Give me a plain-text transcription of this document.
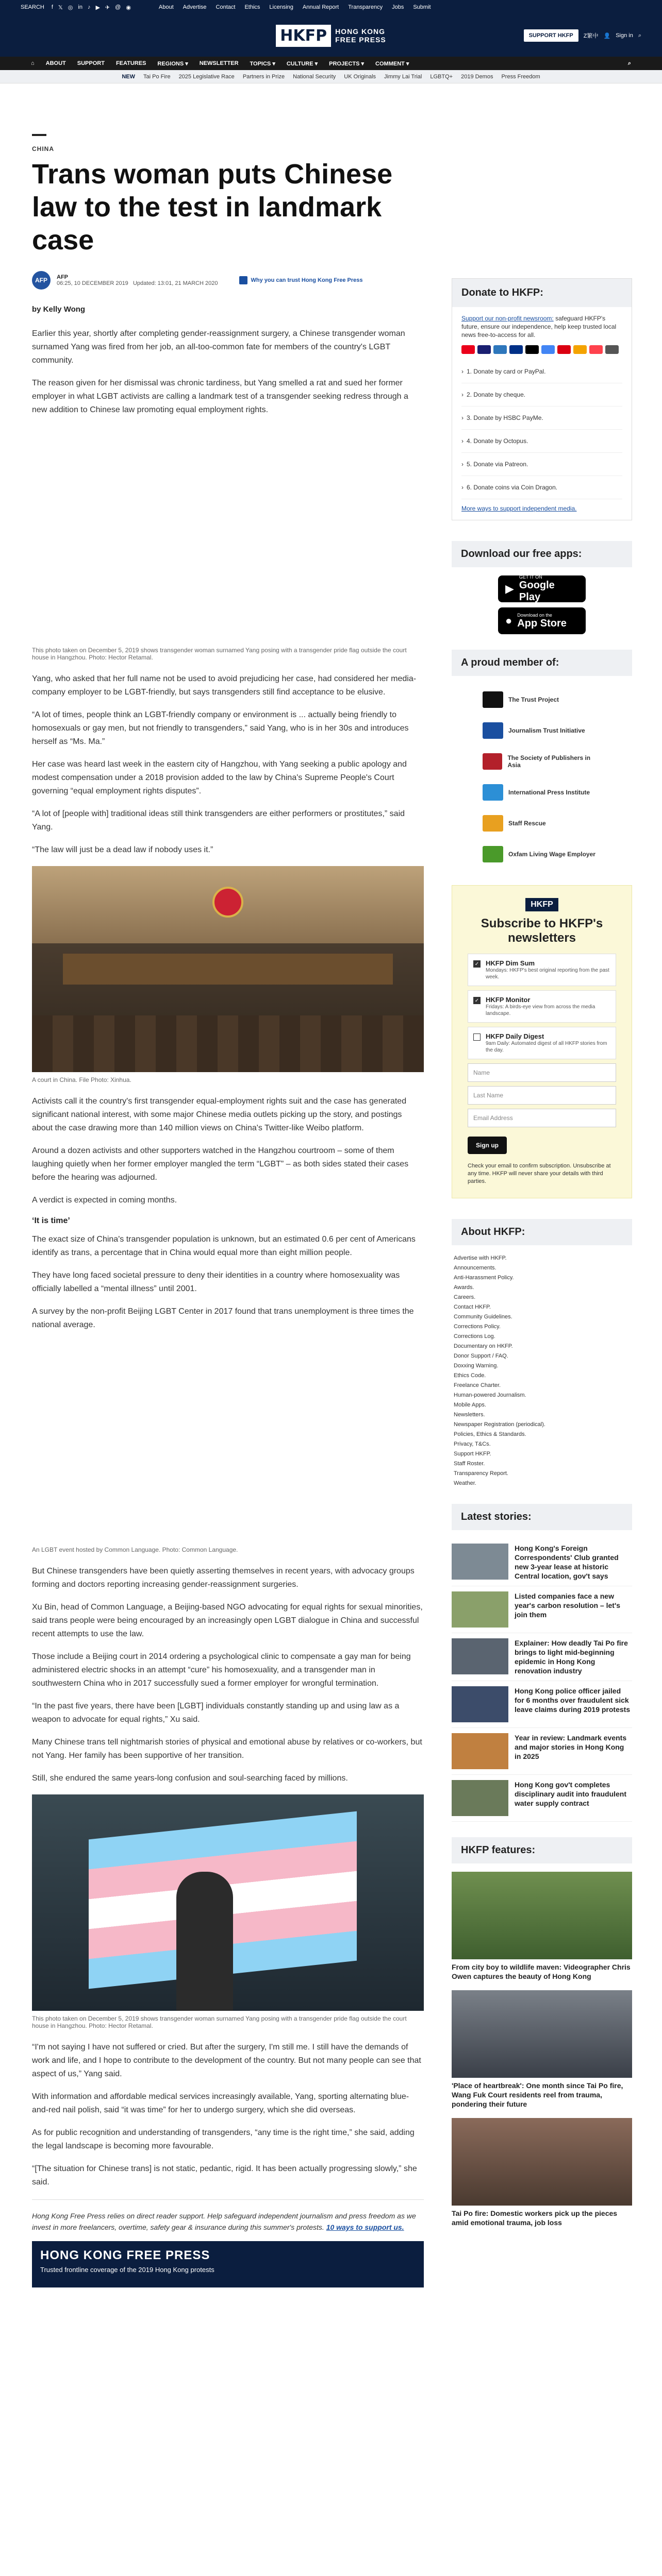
SEARCH f 𝕏 ◎ in ♪ ▶ ✈ @ ◉	About Advertise Contact Ethics Licensing Annual Report Transparency Jobs Submit
HKFP	HONG KONG
FREE PRESS	SUPPORT HKFP	Z繁中 👤 Sign in ⌕
⌂ ABOUT SUPPORT FEATURES REGIONS ▾ NEWSLETTER TOPICS ▾ CULTURE ▾ PROJECTS ▾ COMMENT ▾	⌕
NEW Tai Po Fire 2025 Legislative Race Partners in Prize National Security UK Originals Jimmy Lai Trial LGBTQ+ 2019 Demos Press Freedom
CHINA
Trans woman puts Chinese law to the test in landmark case
AFP	AFP
06:25, 10 DECEMBER 2019 Updated: 13:01, 21 MARCH 2020	Why you can trust Hong Kong Free Press
by Kelly Wong

Earlier this year, shortly after completing gender-reassignment surgery, a Chinese transgender woman surnamed Yang was fired from her job, an all-too-common fate for members of the country's LGBT community.

The reason given for her dismissal was chronic tardiness, but Yang smelled a rat and sued her former employer in what LGBT activists are calling a landmark test of a transgender seeking redress through a new addition to Chinese law promoting equal employment rights.

This photo taken on December 5, 2019 shows transgender woman surnamed Yang posing with a transgender pride flag outside the court house in Hangzhou. Photo: Hector Retamal.

Yang, who asked that her full name not be used to avoid prejudicing her case, had considered her media-company employer to be LGBT-friendly, but says transgenders still find acceptance to be elusive.

“A lot of times, people think an LGBT-friendly company or environment is ... actually being friendly to homosexuals or gay men, but not friendly to transgenders,” said Yang, who is in her 30s and introduces herself as “Ms. Ma.”

Her case was heard last week in the eastern city of Hangzhou, with Yang seeking a public apology and modest compensation under a 2018 provision added to the law by China's Supreme People's Court governing “equal employment rights disputes”.

“A lot of [people with] traditional ideas still think transgenders are either performers or prostitutes,” said Yang.

“The law will just be a dead law if nobody uses it.”

A court in China. File Photo: Xinhua.

Activists call it the country's first transgender equal-employment rights suit and the case has generated significant national interest, with some major Chinese media outlets picking up the story, and postings about the case drawing more than 140 million views on China's Twitter-like Weibo platform.

Around a dozen activists and other supporters watched in the Hangzhou courtroom – some of them laughing quietly when her former employer mangled the term “LGBT” – as both sides stated their cases before the hearing was adjourned.

A verdict is expected in coming months.

‘It is time’

The exact size of China's transgender population is unknown, but an estimated 0.6 per cent of Americans identify as trans, a percentage that in China would equal more than eight million people.

They have long faced societal pressure to deny their identities in a country where homosexuality was officially labelled a “mental illness” until 2001.

A survey by the non-profit Beijing LGBT Center in 2017 found that trans unemployment is three times the national average.

An LGBT event hosted by Common Language. Photo: Common Language.

But Chinese transgenders have been quietly asserting themselves in recent years, with advocacy groups forming and doctors reporting increasing gender-reassignment surgeries.

Xu Bin, head of Common Language, a Beijing-based NGO advocating for equal rights for sexual minorities, said trans people were being encouraged by an increasingly open LGBT dialogue in China and successful recent attempts to use the law.

Those include a Beijing court in 2014 ordering a psychological clinic to compensate a gay man for being administered electric shocks in an attempt “cure” his homosexuality, and a transgender man in southwestern China who in 2017 successfully sued a former employer for wrongful termination.

“In the past five years, there have been [LGBT] individuals constantly standing up and using law as a weapon to advocate for equal rights,” Xu said.

Many Chinese trans tell nightmarish stories of physical and emotional abuse by relatives or co-workers, but not Yang. Her family has been supportive of her transition.

Still, she endured the same years-long confusion and soul-searching faced by millions.

This photo taken on December 5, 2019 shows transgender woman surnamed Yang posing with a transgender pride flag outside the court house in Hangzhou. Photo: Hector Retamal.

“I'm not saying I have not suffered or cried. But after the surgery, I'm still me. I still have the demands of work and life, and I hope to contribute to the development of the country. But not many people can see that aspect of us,” Yang said.

With information and affordable medical services increasingly available, Yang, sporting alternating blue-and-red nail polish, said “it was time” for her to undergo surgery, which she did overseas.

As for public recognition and understanding of transgenders, “any time is the right time,” she said, adding the legal landscape is becoming more favourable.

“[The situation for Chinese trans] is not static, pedantic, rigid. It has been actually progressing slowly,” she said.

Hong Kong Free Press relies on direct reader support. Help safeguard independent journalism and press freedom as we invest in more freelancers, overtime, safety gear & insurance during this summer's protests. 10 ways to support us.

HONG KONG FREE PRESS
Trusted frontline coverage of the 2019 Hong Kong protests
Donate to HKFP:
Support our non-profit newsroom: safeguard HKFP's future, ensure our independence, help keep trusted local news free-to-access for all.
› 1. Donate by card or PayPal.
› 2. Donate by cheque.
› 3. Donate by HSBC PayMe.
› 4. Donate by Octopus.
› 5. Donate via Patreon.
› 6. Donate coins via Coin Dragon.
More ways to support independent media.
Download our free apps:
▶
GET IT ON
Google Play
● Download on the
App Store
A proud member of:
The Trust Project
Journalism Trust Initiative
The Society of Publishers in Asia
International Press Institute
Staff Rescue
Oxfam Living Wage Employer
HKFP
Subscribe to HKFP's newsletters
✓ HKFP Dim Sum
Mondays: HKFP's best original reporting from the past week.
✓ HKFP Monitor
Fridays: A birds-eye view from across the media landscape.
HKFP Daily Digest
9am Daily: Automated digest of all HKFP stories from the day.
Name
Last Name
Email Address
Sign up
Check your email to confirm subscription. Unsubscribe at any time. HKFP will never share your details with third parties.
About HKFP:
Advertise with HKFP.
Announcements.
Anti-Harassment Policy.
Awards.
Careers.
Contact HKFP.
Community Guidelines.
Corrections Policy.
Corrections Log.
Documentary on HKFP.
Donor Support / FAQ.
Doxxing Warning.
Ethics Code.
Freelance Charter.
Human-powered Journalism.
Mobile Apps.
Newsletters.
Newspaper Registration (periodical).
Policies, Ethics & Standards.
Privacy, T&Cs.
Support HKFP.
Staff Roster.
Transparency Report.
Weather.
Latest stories:
Hong Kong's Foreign Correspondents' Club granted new 3-year lease at historic Central location, gov't says
Listed companies face a new year's carbon resolution – let's join them
Explainer: How deadly Tai Po fire brings to light mid-beginning epidemic in Hong Kong renovation industry
Hong Kong police officer jailed for 6 months over fraudulent sick leave claims during 2019 protests
Year in review: Landmark events and major stories in Hong Kong in 2025
Hong Kong gov't completes disciplinary audit into fraudulent water supply contract
HKFP features:
From city boy to wildlife maven: Videographer Chris Owen captures the beauty of Hong Kong
'Place of heartbreak': One month since Tai Po fire, Wang Fuk Court residents reel from trauma, pondering their future
Tai Po fire: Domestic workers pick up the pieces amid emotional trauma, job loss
